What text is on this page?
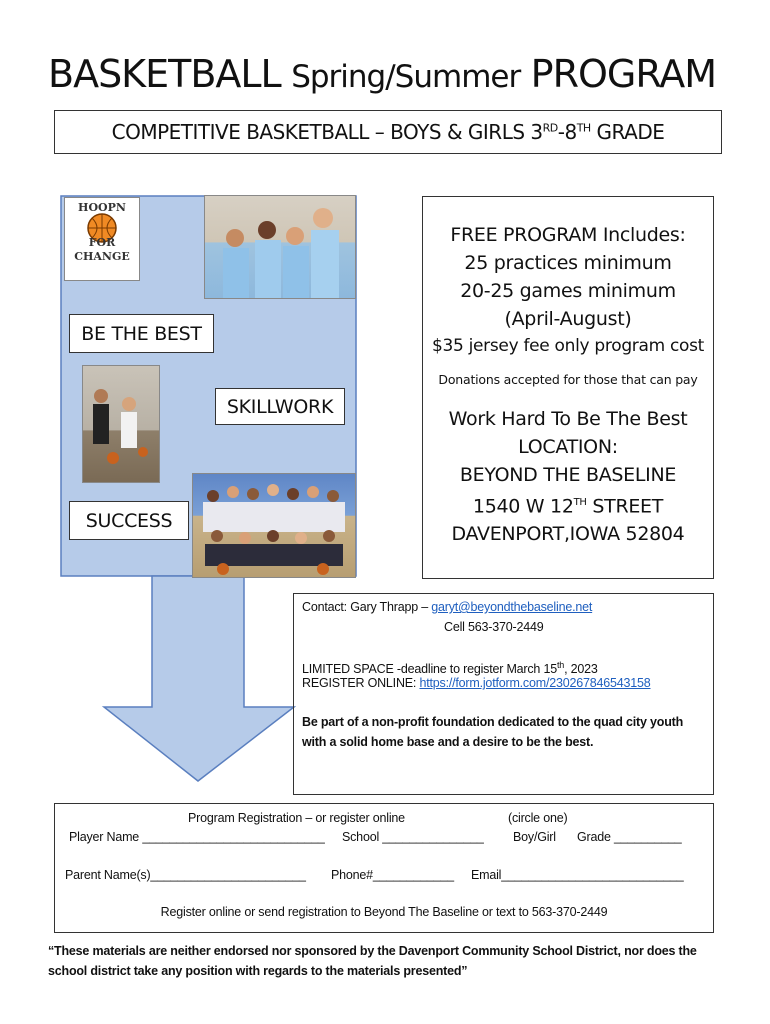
BASKETBALL Spring/Summer PROGRAM
COMPETITIVE BASKETBALL – BOYS & GIRLS 3RD-8TH GRADE
HOOPN
FOR
CHANGE
BE THE BEST
SKILLWORK
SUCCESS
FREE PROGRAM Includes:
25 practices minimum
20-25 games minimum
(April-August)
$35 jersey fee only program cost
Donations accepted for those that can pay
Work Hard To Be The Best
LOCATION:
BEYOND THE BASELINE
1540 W 12TH STREET
DAVENPORT,IOWA 52804
Contact: Gary Thrapp – garyt@beyondthebaseline.net
Cell 563-370-2449
LIMITED SPACE -deadline to register March 15th, 2023
REGISTER ONLINE: https://form.jotform.com/230267846543158
Be part of a non-profit foundation dedicated to the quad city youth with a solid home base and a desire to be the best.
Program Registration – or register online	(circle one)
Player Name ___________________________ School _______________ Boy/Girl Grade __________
Parent Name(s)_______________________ Phone#____________ Email___________________________
Register online or send registration to Beyond The Baseline or text to 563-370-2449
“These materials are neither endorsed nor sponsored by the Davenport Community School District, nor does the school district take any position with regards to the materials presented”
